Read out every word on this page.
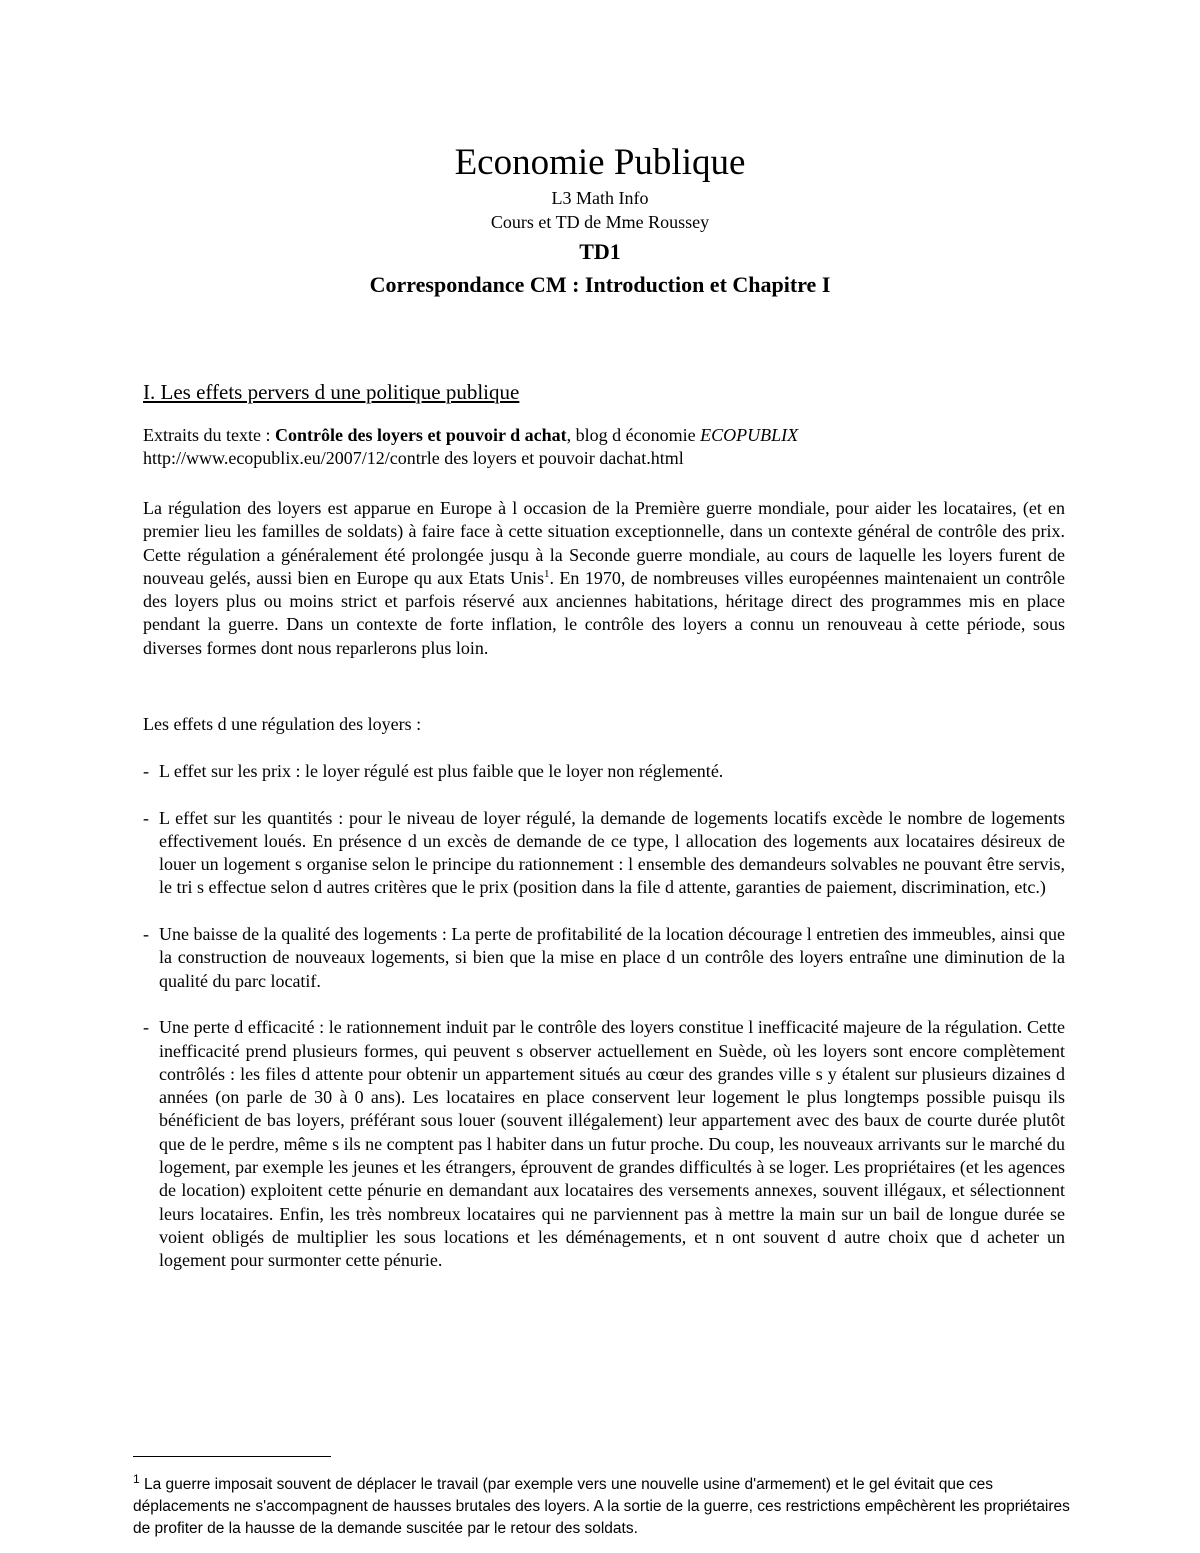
Economie Publique
L3 Math Info
Cours et TD de Mme Roussey
TD1
Correspondance CM : Introduction et Chapitre I
I. Les effets pervers d une politique publique
Extraits du texte : Contrôle des loyers et pouvoir d achat, blog d économie ECOPUBLIX
http://www.ecopublix.eu/2007/12/contrle des loyers et pouvoir dachat.html
La régulation des loyers est apparue en Europe à l occasion de la Première guerre mondiale, pour aider les locataires, (et en premier lieu les familles de soldats) à faire face à cette situation exceptionnelle, dans un contexte général de contrôle des prix. Cette régulation a généralement été prolongée jusqu à la Seconde guerre mondiale, au cours de laquelle les loyers furent de nouveau gelés, aussi bien en Europe qu aux Etats Unis$^1$. En 1970, de nombreuses villes européennes maintenaient un contrôle des loyers plus ou moins strict et parfois réservé aux anciennes habitations, héritage direct des programmes mis en place pendant la guerre. Dans un contexte de forte inflation, le contrôle des loyers a connu un renouveau à cette période, sous diverses formes dont nous reparlerons plus loin.
Les effets d une régulation des loyers :
- L effet sur les prix : le loyer régulé est plus faible que le loyer non réglementé.
- L effet sur les quantités : pour le niveau de loyer régulé, la demande de logements locatifs excède le nombre de logements effectivement loués. En présence d un excès de demande de ce type, l allocation des logements aux locataires désireux de louer un logement s organise selon le principe du rationnement : l ensemble des demandeurs solvables ne pouvant être servis, le tri s effectue selon d autres critères que le prix (position dans la file d attente, garanties de paiement, discrimination, etc.)
- Une baisse de la qualité des logements : La perte de profitabilité de la location décourage l entretien des immeubles, ainsi que la construction de nouveaux logements, si bien que la mise en place d un contrôle des loyers entraîne une diminution de la qualité du parc locatif.
- Une perte d efficacité : le rationnement induit par le contrôle des loyers constitue l inefficacité majeure de la régulation. Cette inefficacité prend plusieurs formes, qui peuvent s observer actuellement en Suède, où les loyers sont encore complètement contrôlés : les files d attente pour obtenir un appartement situés au cœur des grandes ville s y étalent sur plusieurs dizaines d années (on parle de 30 à 0 ans). Les locataires en place conservent leur logement le plus longtemps possible puisqu ils bénéficient de bas loyers, préférant sous louer (souvent illégalement) leur appartement avec des baux de courte durée plutôt que de le perdre, même s ils ne comptent pas l habiter dans un futur proche. Du coup, les nouveaux arrivants sur le marché du logement, par exemple les jeunes et les étrangers, éprouvent de grandes difficultés à se loger. Les propriétaires (et les agences de location) exploitent cette pénurie en demandant aux locataires des versements annexes, souvent illégaux, et sélectionnent leurs locataires. Enfin, les très nombreux locataires qui ne parviennent pas à mettre la main sur un bail de longue durée se voient obligés de multiplier les sous locations et les déménagements, et n ont souvent d autre choix que d acheter un logement pour surmonter cette pénurie.
$^1$ La guerre imposait souvent de déplacer le travail (par exemple vers une nouvelle usine d'armement) et le gel évitait que ces déplacements ne s'accompagnent de hausses brutales des loyers. A la sortie de la guerre, ces restrictions empêchèrent les propriétaires de profiter de la hausse de la demande suscitée par le retour des soldats.
